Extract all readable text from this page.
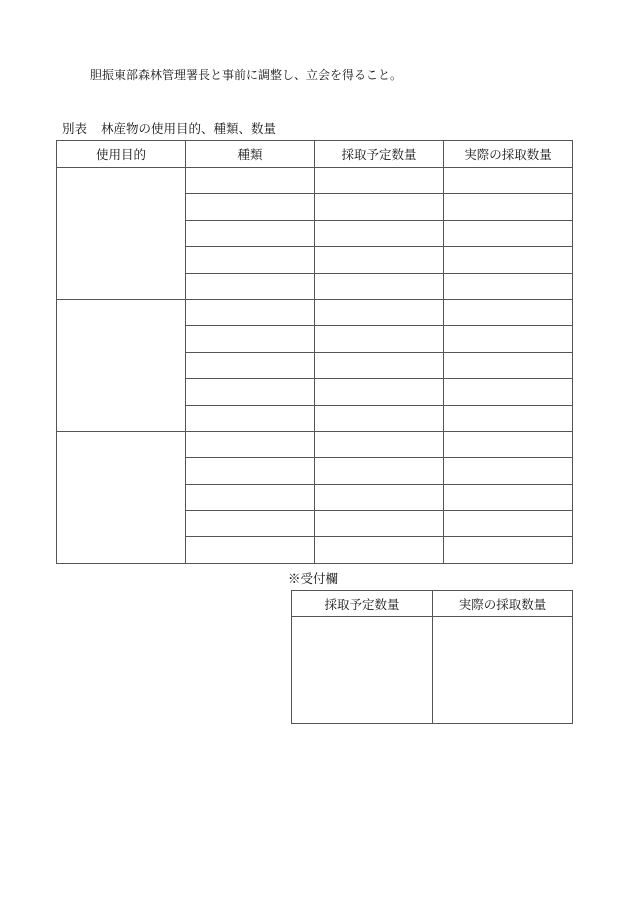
胆振東部森林管理署長と事前に調整し、立会を得ること。
別表 林産物の使用目的、種類、数量
使用目的	種類	採取予定数量	実際の採取数量

※受付欄
採取予定数量	実際の採取数量
